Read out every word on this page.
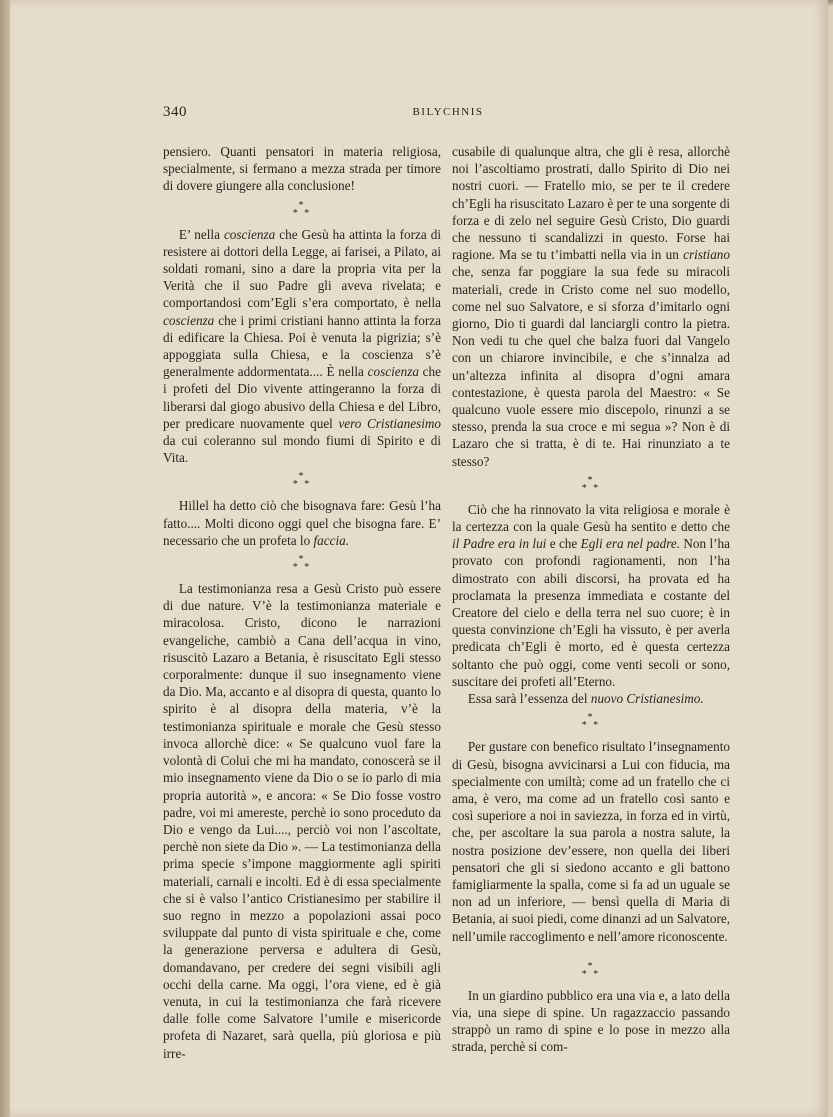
340	BILYCHNIS

pensiero. Quanti pensatori in materia religiosa, specialmente, si fermano a mezza strada per timore di dovere giungere alla conclusione!

*
* *

E’ nella coscienza che Gesù ha attinta la forza di resistere ai dottori della Legge, ai farisei, a Pilato, ai soldati romani, sino a dare la propria vita per la Verità che il suo Padre gli aveva rivelata; e comportandosi com’Egli s’era comportato, è nella coscienza che i primi cristiani hanno attinta la forza di edificare la Chiesa. Poi è venuta la pigrizia; s’è appoggiata sulla Chiesa, e la coscienza s’è generalmente addormentata.... È nella coscienza che i profeti del Dio vivente attingeranno la forza di liberarsi dal giogo abusivo della Chiesa e del Libro, per predicare nuovamente quel vero Cristianesimo da cui coleranno sul mondo fiumi di Spirito e di Vita.

*
* *

Hillel ha detto ciò che bisognava fare: Gesù l’ha fatto.... Molti dicono oggi quel che bisogna fare. E’ necessario che un profeta lo faccia.

*
* *

La testimonianza resa a Gesù Cristo può essere di due nature. V’è la testimonianza materiale e miracolosa. Cristo, dicono le narrazioni evangeliche, cambiò a Cana dell’acqua in vino, risuscitò Lazaro a Betania, è risuscitato Egli stesso corporalmente: dunque il suo insegnamento viene da Dio. Ma, accanto e al disopra di questa, quanto lo spirito è al disopra della materia, v’è la testimonianza spirituale e morale che Gesù stesso invoca allorchè dice: « Se qualcuno vuol fare la volontà di Colui che mi ha mandato, conoscerà se il mio insegnamento viene da Dio o se io parlo di mia propria autorità », e ancora: « Se Dio fosse vostro padre, voi mi amereste, perchè io sono proceduto da Dio e vengo da Lui...., perciò voi non l’ascoltate, perchè non siete da Dio ». — La testimonianza della prima specie s’impone maggiormente agli spiriti materiali, carnali e incolti. Ed è di essa specialmente che si è valso l’antico Cristianesimo per stabilire il suo regno in mezzo a popolazioni assai poco sviluppate dal punto di vista spirituale e che, come la generazione perversa e adultera di Gesù, domandavano, per credere dei segni visibili agli occhi della carne. Ma oggi, l’ora viene, ed è già venuta, in cui la testimonianza che farà ricevere dalle folle come Salvatore l’umile e misericorde profeta di Nazaret, sarà quella, più gloriosa e più irre-

cusabile di qualunque altra, che gli è resa, allorchè noi l’ascoltiamo prostrati, dallo Spirito di Dio nei nostri cuori. — Fratello mio, se per te il credere ch’Egli ha risuscitato Lazaro è per te una sorgente di forza e di zelo nel seguire Gesù Cristo, Dio guardi che nessuno ti scandalizzi in questo. Forse hai ragione. Ma se tu t’imbatti nella via in un cristiano che, senza far poggiare la sua fede su miracoli materiali, crede in Cristo come nel suo modello, come nel suo Salvatore, e si sforza d’imitarlo ogni giorno, Dio ti guardi dal lanciargli contro la pietra. Non vedi tu che quel che balza fuori dal Vangelo con un chiarore invincibile, e che s’innalza ad un’altezza infinita al disopra d’ogni amara contestazione, è questa parola del Maestro: « Se qualcuno vuole essere mio discepolo, rinunzi a se stesso, prenda la sua croce e mi segua »? Non è di Lazaro che si tratta, è di te. Hai rinunziato a te stesso?

*
* *

Ciò che ha rinnovato la vita religiosa e morale è la certezza con la quale Gesù ha sentito e detto che il Padre era in lui e che Egli era nel padre. Non l’ha provato con profondi ragionamenti, non l’ha dimostrato con abili discorsi, ha provata ed ha proclamata la presenza immediata e costante del Creatore del cielo e della terra nel suo cuore; è in questa convinzione ch’Egli ha vissuto, è per averla predicata ch’Egli è morto, ed è questa certezza soltanto che può oggi, come venti secoli or sono, suscitare dei profeti all’Eterno.

Essa sarà l’essenza del nuovo Cristianesimo.

*
* *

Per gustare con benefico risultato l’insegnamento di Gesù, bisogna avvicinarsi a Lui con fiducia, ma specialmente con umiltà; come ad un fratello che ci ama, è vero, ma come ad un fratello così santo e così superiore a noi in saviezza, in forza ed in virtù, che, per ascoltare la sua parola a nostra salute, la nostra posizione dev’essere, non quella dei liberi pensatori che gli si siedono accanto e gli battono famigliarmente la spalla, come si fa ad un uguale se non ad un inferiore, — bensì quella di Maria di Betania, ai suoi piedi, come dinanzi ad un Salvatore, nell’umile raccoglimento e nell’amore riconoscente.

*
* *

In un giardino pubblico era una via e, a lato della via, una siepe di spine. Un ragazzaccio passando strappò un ramo di spine e lo pose in mezzo alla strada, perchè si com-
